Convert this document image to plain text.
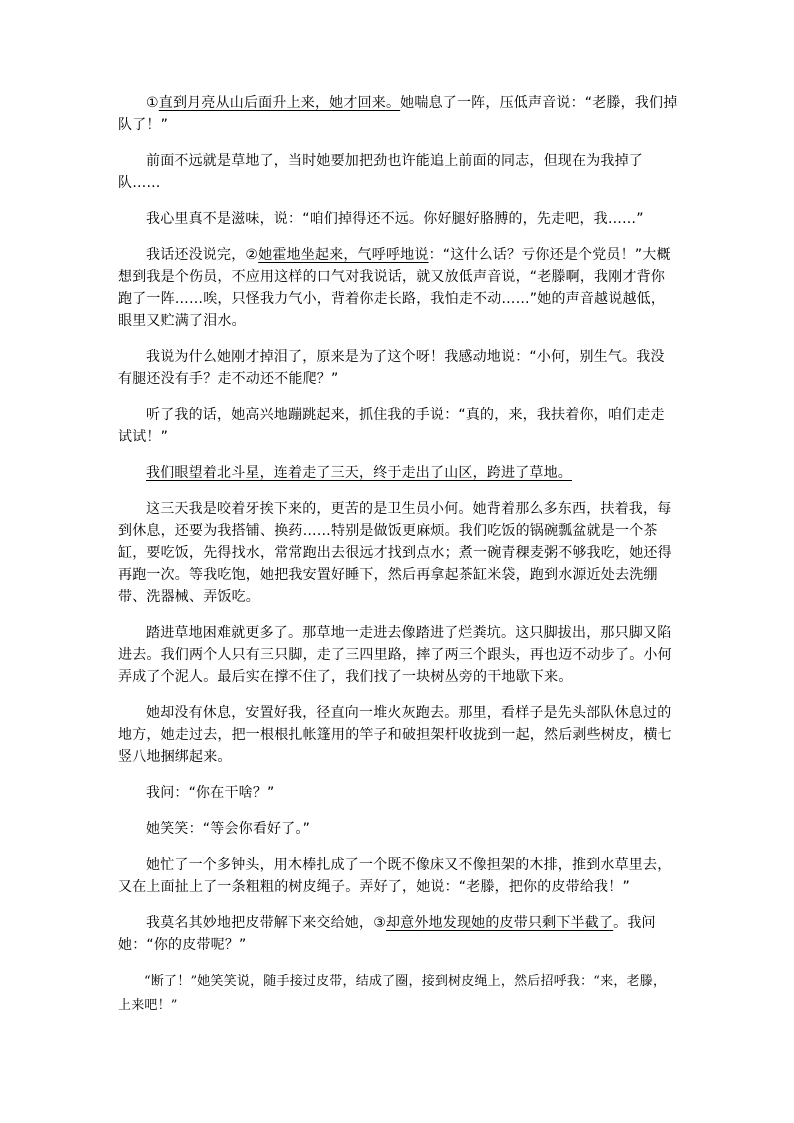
①直到月亮从山后面升上来，她才回来。她喘息了一阵，压低声音说：“老滕，我们掉队了！”

前面不远就是草地了，当时她要加把劲也许能追上前面的同志，但现在为我掉了队……

我心里真不是滋味，说：“咱们掉得还不远。你好腿好胳膊的，先走吧，我……”

我话还没说完，②她霍地坐起来，气呼呼地说：“这什么话？亏你还是个党员！”大概想到我是个伤员，不应用这样的口气对我说话，就又放低声音说，“老滕啊，我刚才背你跑了一阵……唉，只怪我力气小，背着你走长路，我怕走不动……”她的声音越说越低，眼里又贮满了泪水。

我说为什么她刚才掉泪了，原来是为了这个呀！我感动地说：“小何，别生气。我没有腿还没有手？走不动还不能爬？”

听了我的话，她高兴地蹦跳起来，抓住我的手说：“真的，来，我扶着你，咱们走走试试！”

我们眼望着北斗星，连着走了三天，终于走出了山区，跨进了草地。

这三天我是咬着牙挨下来的，更苦的是卫生员小何。她背着那么多东西，扶着我，每到休息，还要为我搭铺、换药……特别是做饭更麻烦。我们吃饭的锅碗瓢盆就是一个茶缸，要吃饭，先得找水，常常跑出去很远才找到点水；煮一碗青稞麦粥不够我吃，她还得再跑一次。等我吃饱，她把我安置好睡下，然后再拿起茶缸米袋，跑到水源近处去洗绷带、洗器械、弄饭吃。

踏进草地困难就更多了。那草地一走进去像踏进了烂粪坑。这只脚拔出，那只脚又陷进去。我们两个人只有三只脚，走了三四里路，摔了两三个跟头，再也迈不动步了。小何弄成了个泥人。最后实在撑不住了，我们找了一块树丛旁的干地歇下来。

她却没有休息，安置好我，径直向一堆火灰跑去。那里，看样子是先头部队休息过的地方，她走过去，把一根根扎帐篷用的竿子和破担架杆收拢到一起，然后剥些树皮，横七竖八地捆绑起来。

我问：“你在干啥？”

她笑笑：“等会你看好了。”

她忙了一个多钟头，用木棒扎成了一个既不像床又不像担架的木排，推到水草里去，又在上面扯上了一条粗粗的树皮绳子。弄好了，她说：“老滕，把你的皮带给我！”

我莫名其妙地把皮带解下来交给她，③却意外地发现她的皮带只剩下半截了。我问她：“你的皮带呢？”

“断了！”她笑笑说，随手接过皮带，结成了圈，接到树皮绳上，然后招呼我：“来，老滕，上来吧！”
